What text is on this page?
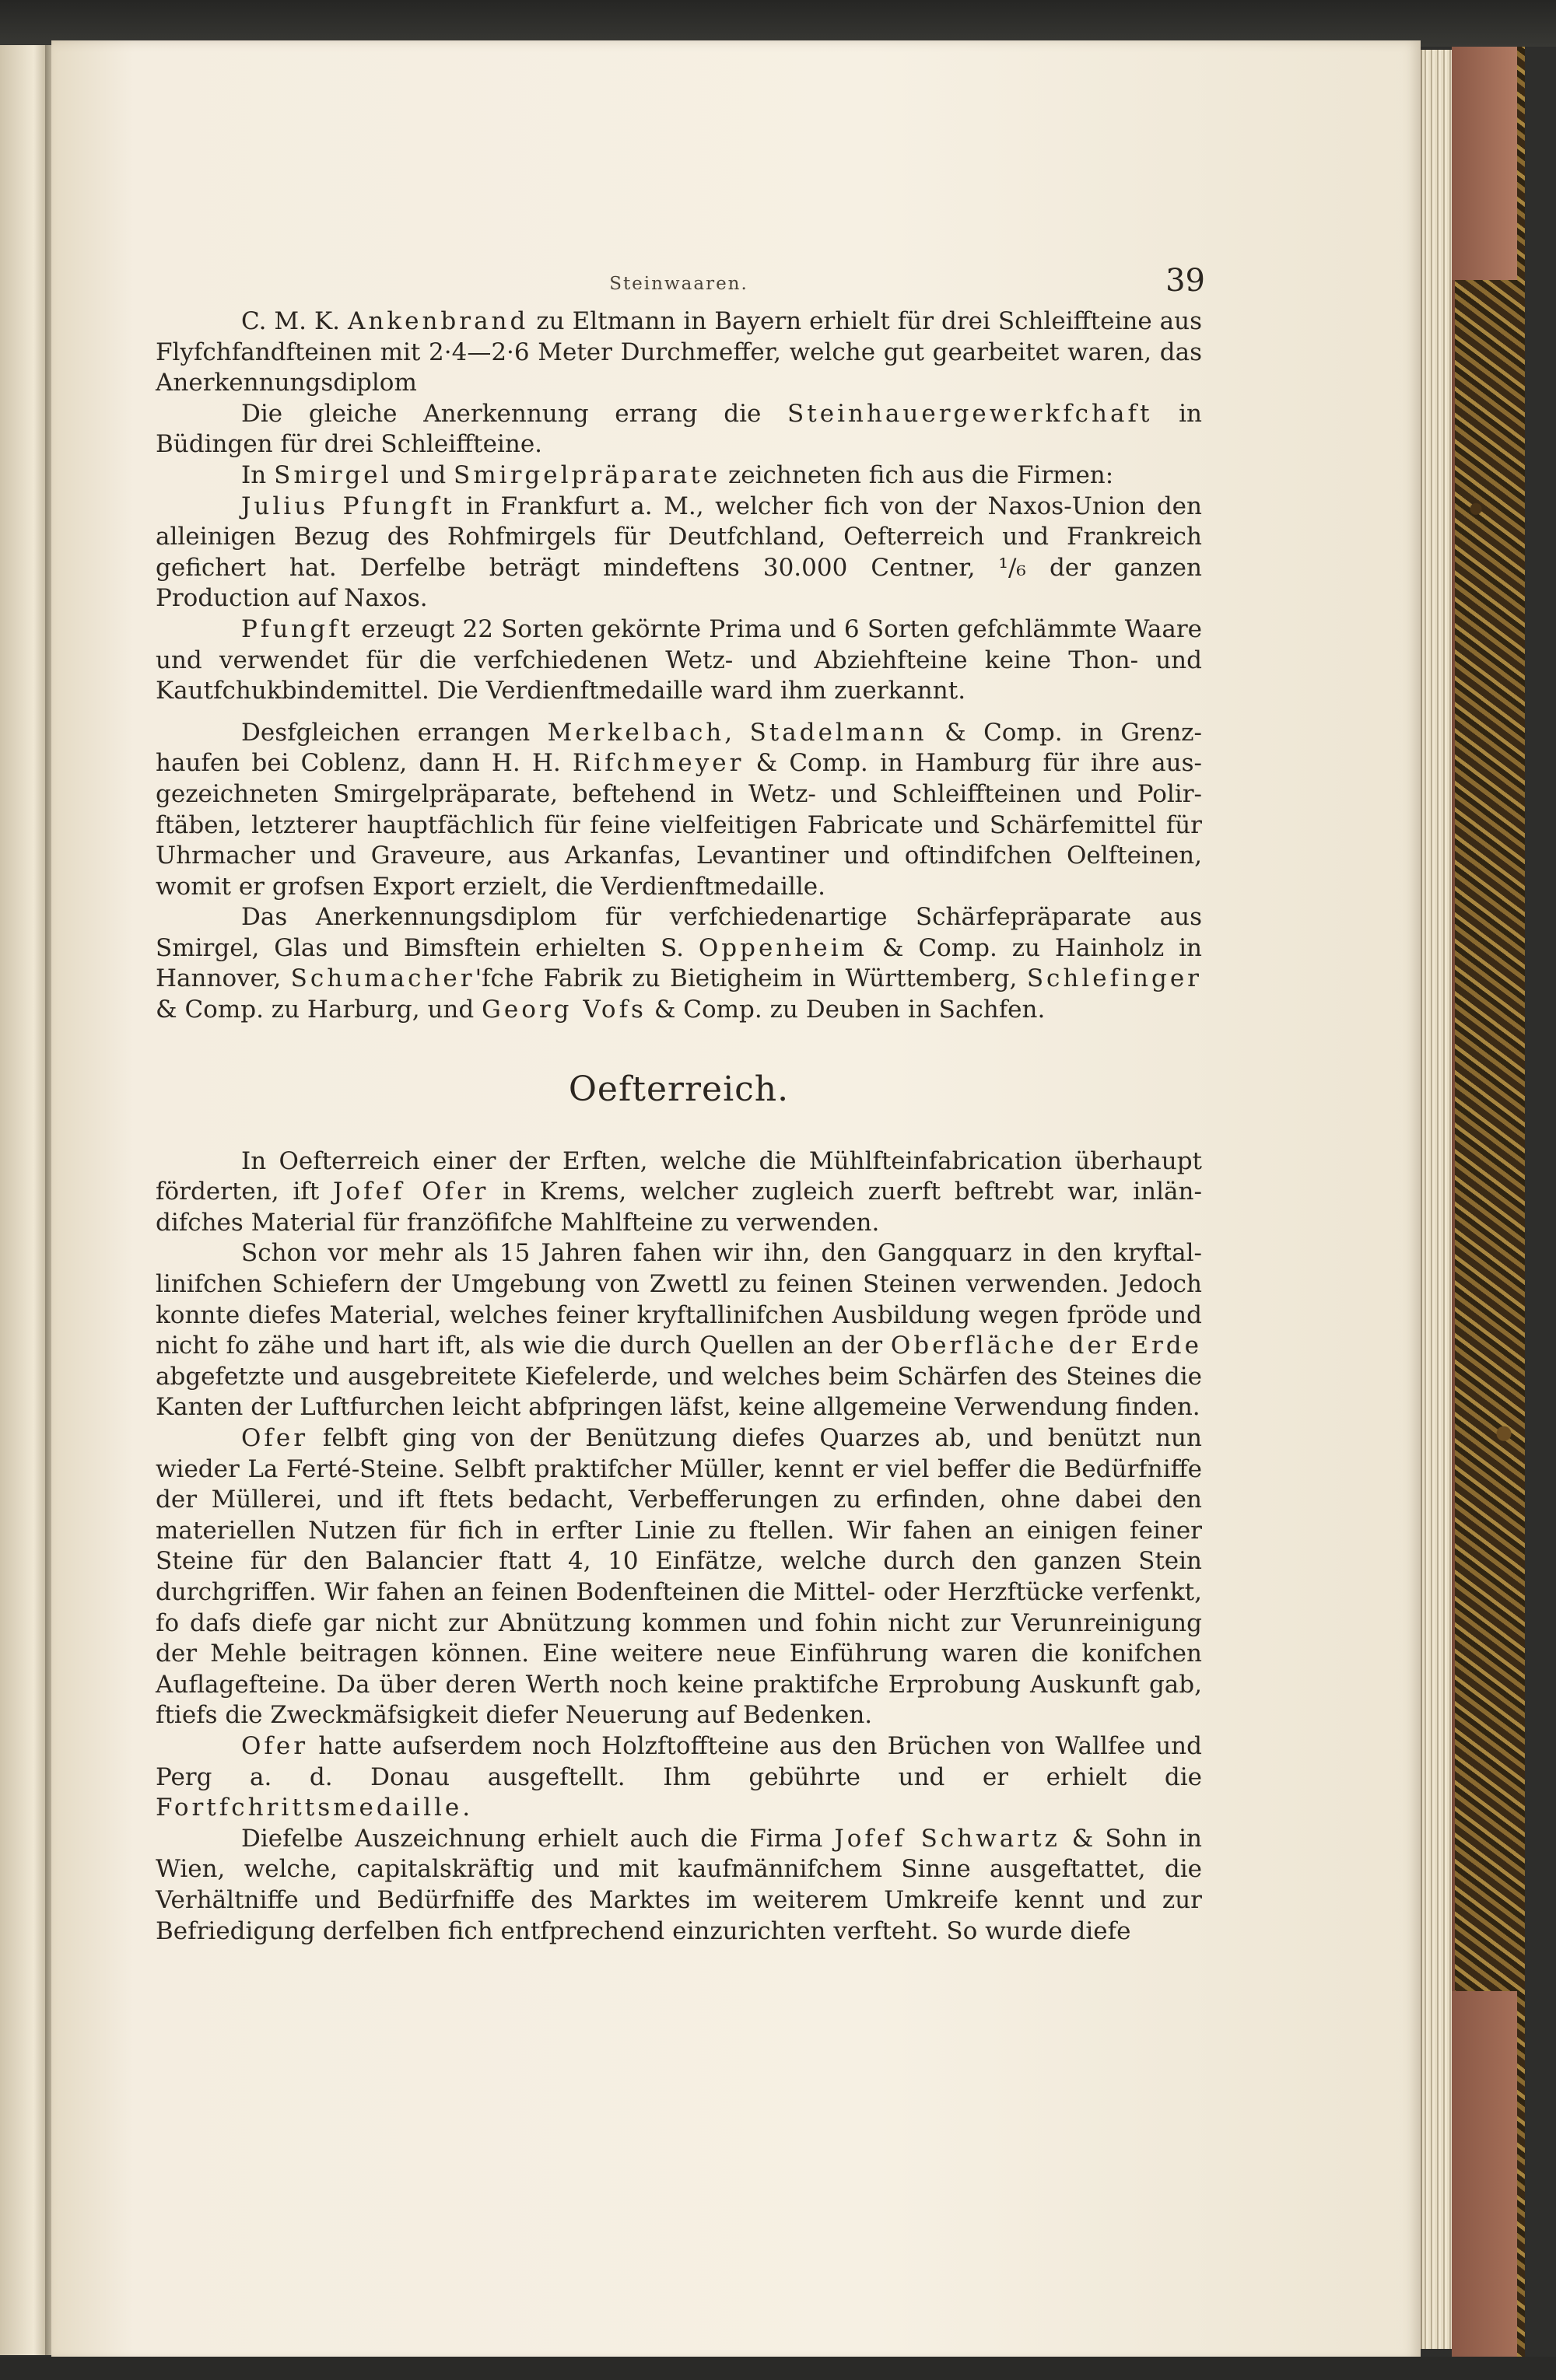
Steinwaaren.	39

C. M. K. Ankenbrand zu Eltmann in Bayern erhielt für drei Schleiffteine aus Flyfchfandfteinen mit 2·4—2·6 Meter Durchmeffer, welche gut gearbeitet waren, das Anerkennungsdiplom

Die gleiche Anerkennung errang die Steinhauergewerkfchaft in Büdingen für drei Schleiffteine.

In Smirgel und Smirgelpräparate zeichneten fich aus die Firmen:

Julius Pfungft in Frankfurt a. M., welcher fich von der Naxos-Union den alleinigen Bezug des Rohfmirgels für Deutfchland, Oefterreich und Frankreich gefichert hat. Derfelbe beträgt mindeftens 30.000 Centner, ¹/₆ der ganzen Production auf Naxos.

Pfungft erzeugt 22 Sorten gekörnte Prima und 6 Sorten gefchlämmte Waare und verwendet für die verfchiedenen Wetz- und Abziehfteine keine Thon- und Kautfchukbindemittel. Die Verdienftmedaille ward ihm zuerkannt.

Desfgleichen errangen Merkelbach, Stadelmann & Comp. in Grenzhaufen bei Coblenz, dann H. H. Rifchmeyer & Comp. in Hamburg für ihre ausgezeichneten Smirgelpräparate, beftehend in Wetz- und Schleiffteinen und Polirftäben, letzterer hauptfächlich für feine vielfeitigen Fabricate und Schärfemittel für Uhrmacher und Graveure, aus Arkanfas, Levantiner und oftindifchen Oelfteinen, womit er grofsen Export erzielt, die Verdienftmedaille.

Das Anerkennungsdiplom für verfchiedenartige Schärfepräparate aus Smirgel, Glas und Bimsftein erhielten S. Oppenheim & Comp. zu Hainholz in Hannover, Schumacher'fche Fabrik zu Bietigheim in Württemberg, Schlefinger & Comp. zu Harburg, und Georg Vofs & Comp. zu Deuben in Sachfen.

Oefterreich.

In Oefterreich einer der Erften, welche die Mühlfteinfabrication überhaupt förderten, ift Jofef Ofer in Krems, welcher zugleich zuerft beftrebt war, inländifches Material für franzöfifche Mahlfteine zu verwenden.

Schon vor mehr als 15 Jahren fahen wir ihn, den Gangquarz in den kryftallinifchen Schiefern der Umgebung von Zwettl zu feinen Steinen verwenden. Jedoch konnte diefes Material, welches feiner kryftallinifchen Ausbildung wegen fpröde und nicht fo zähe und hart ift, als wie die durch Quellen an der Oberfläche der Erde abgefetzte und ausgebreitete Kiefelerde, und welches beim Schärfen des Steines die Kanten der Luftfurchen leicht abfpringen läfst, keine allgemeine Verwendung finden.

Ofer felbft ging von der Benützung diefes Quarzes ab, und benützt nun wieder La Ferté-Steine. Selbft praktifcher Müller, kennt er viel beffer die Bedürfniffe der Müllerei, und ift ftets bedacht, Verbefferungen zu erfinden, ohne dabei den materiellen Nutzen für fich in erfter Linie zu ftellen. Wir fahen an einigen feiner Steine für den Balancier ftatt 4, 10 Einfätze, welche durch den ganzen Stein durchgriffen. Wir fahen an feinen Bodenfteinen die Mittel- oder Herzftücke verfenkt, fo dafs diefe gar nicht zur Abnützung kommen und fohin nicht zur Verunreinigung der Mehle beitragen können. Eine weitere neue Einführung waren die konifchen Auflagefteine. Da über deren Werth noch keine praktifche Erprobung Auskunft gab, ftiefs die Zweckmäfsigkeit diefer Neuerung auf Bedenken.

Ofer hatte aufserdem noch Holzftoffteine aus den Brüchen von Wallfee und Perg a. d. Donau ausgeftellt. Ihm gebührte und er erhielt die Fortfchrittsmedaille.

Diefelbe Auszeichnung erhielt auch die Firma Jofef Schwartz & Sohn in Wien, welche, capitalskräftig und mit kaufmännifchem Sinne ausgeftattet, die Verhältniffe und Bedürfniffe des Marktes im weiterem Umkreife kennt und zur Befriedigung derfelben fich entfprechend einzurichten verfteht. So wurde diefe
